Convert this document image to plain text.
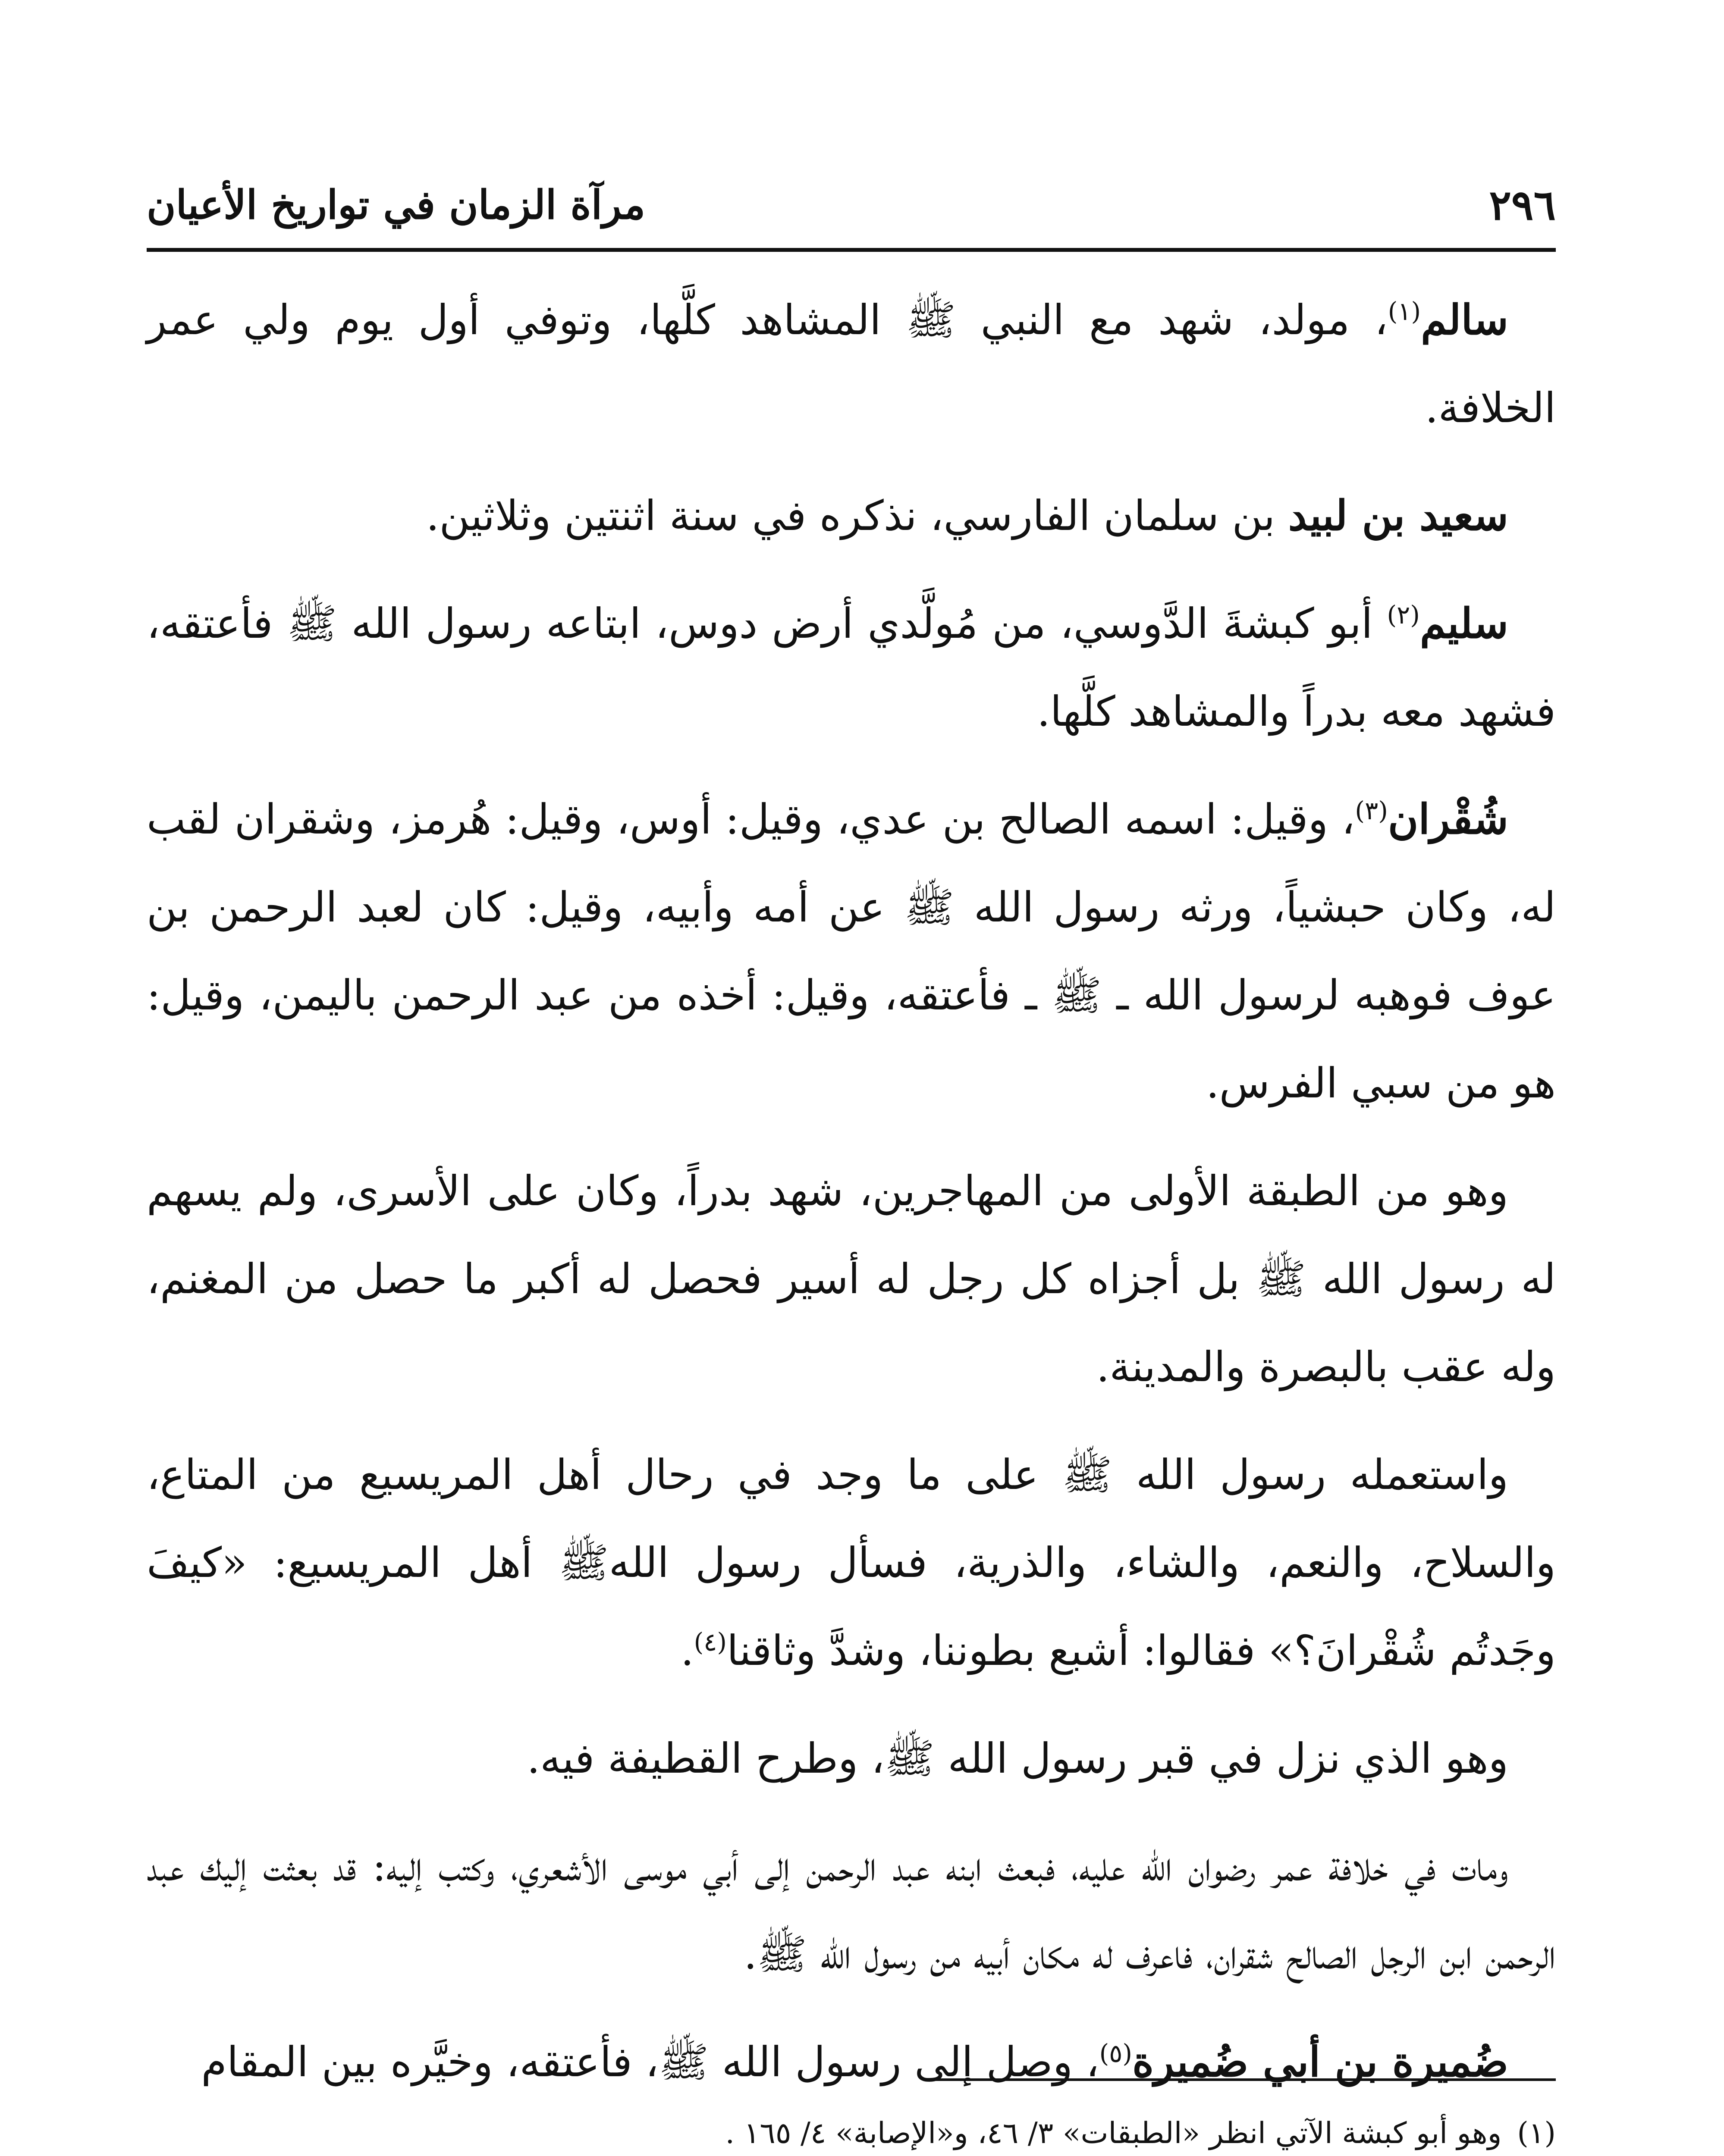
٢٩٦
مرآة الزمان في تواريخ الأعيان

سالم$^{(١)}$، مولد، شهد مع النبي ﷺ المشاهد كلَّها، وتوفي أول يوم ولي عمر الخلافة.

سعيد بن لبيد بن سلمان الفارسي، نذكره في سنة اثنتين وثلاثين.

سليم$^{(٢)}$ أبو كبشةَ الدَّوسي، من مُولَّدي أرض دوس، ابتاعه رسول الله ﷺ فأعتقه، فشهد معه بدراً والمشاهد كلَّها.

شُقْران$^{(٣)}$، وقيل: اسمه الصالح بن عدي، وقيل: أوس، وقيل: هُرمز، وشقران لقب له، وكان حبشياً، ورثه رسول الله ﷺ عن أمه وأبيه، وقيل: كان لعبد الرحمن بن عوف فوهبه لرسول الله ـ ﷺ ـ فأعتقه، وقيل: أخذه من عبد الرحمن باليمن، وقيل: هو من سبي الفرس.

وهو من الطبقة الأولى من المهاجرين، شهد بدراً، وكان على الأسرى، ولم يسهم له رسول الله ﷺ بل أجزاه كل رجل له أسير فحصل له أكبر ما حصل من المغنم، وله عقب بالبصرة والمدينة.

واستعمله رسول الله ﷺ على ما وجد في رحال أهل المريسيع من المتاع، والسلاح، والنعم، والشاء، والذرية، فسأل رسول اللهﷺ أهل المريسيع: «كيفَ وجَدتُم شُقْرانَ؟» فقالوا: أشبع بطوننا، وشدَّ وثاقنا$^{(٤)}$.

وهو الذي نزل في قبر رسول الله ﷺ، وطرح القطيفة فيه.

ومات في خلافة عمر رضوان الله عليه، فبعث ابنه عبد الرحمن إلى أبي موسى الأشعري، وكتب إليه: قد بعثت إليك عبد الرحمن ابن الرجل الصالح شقران، فاعرف له مكان أبيه من رسول الله ﷺ.

ضُميرة بن أبي ضُميرة$^{(٥)}$، وصل إلى رسول الله ﷺ، فأعتقه، وخيَّره بين المقام

(١)وهو أبو كبشة الآتي انظر «الطبقات» ٣/ ٤٦، و«الإصابة» ٤/ ١٦٥ .
